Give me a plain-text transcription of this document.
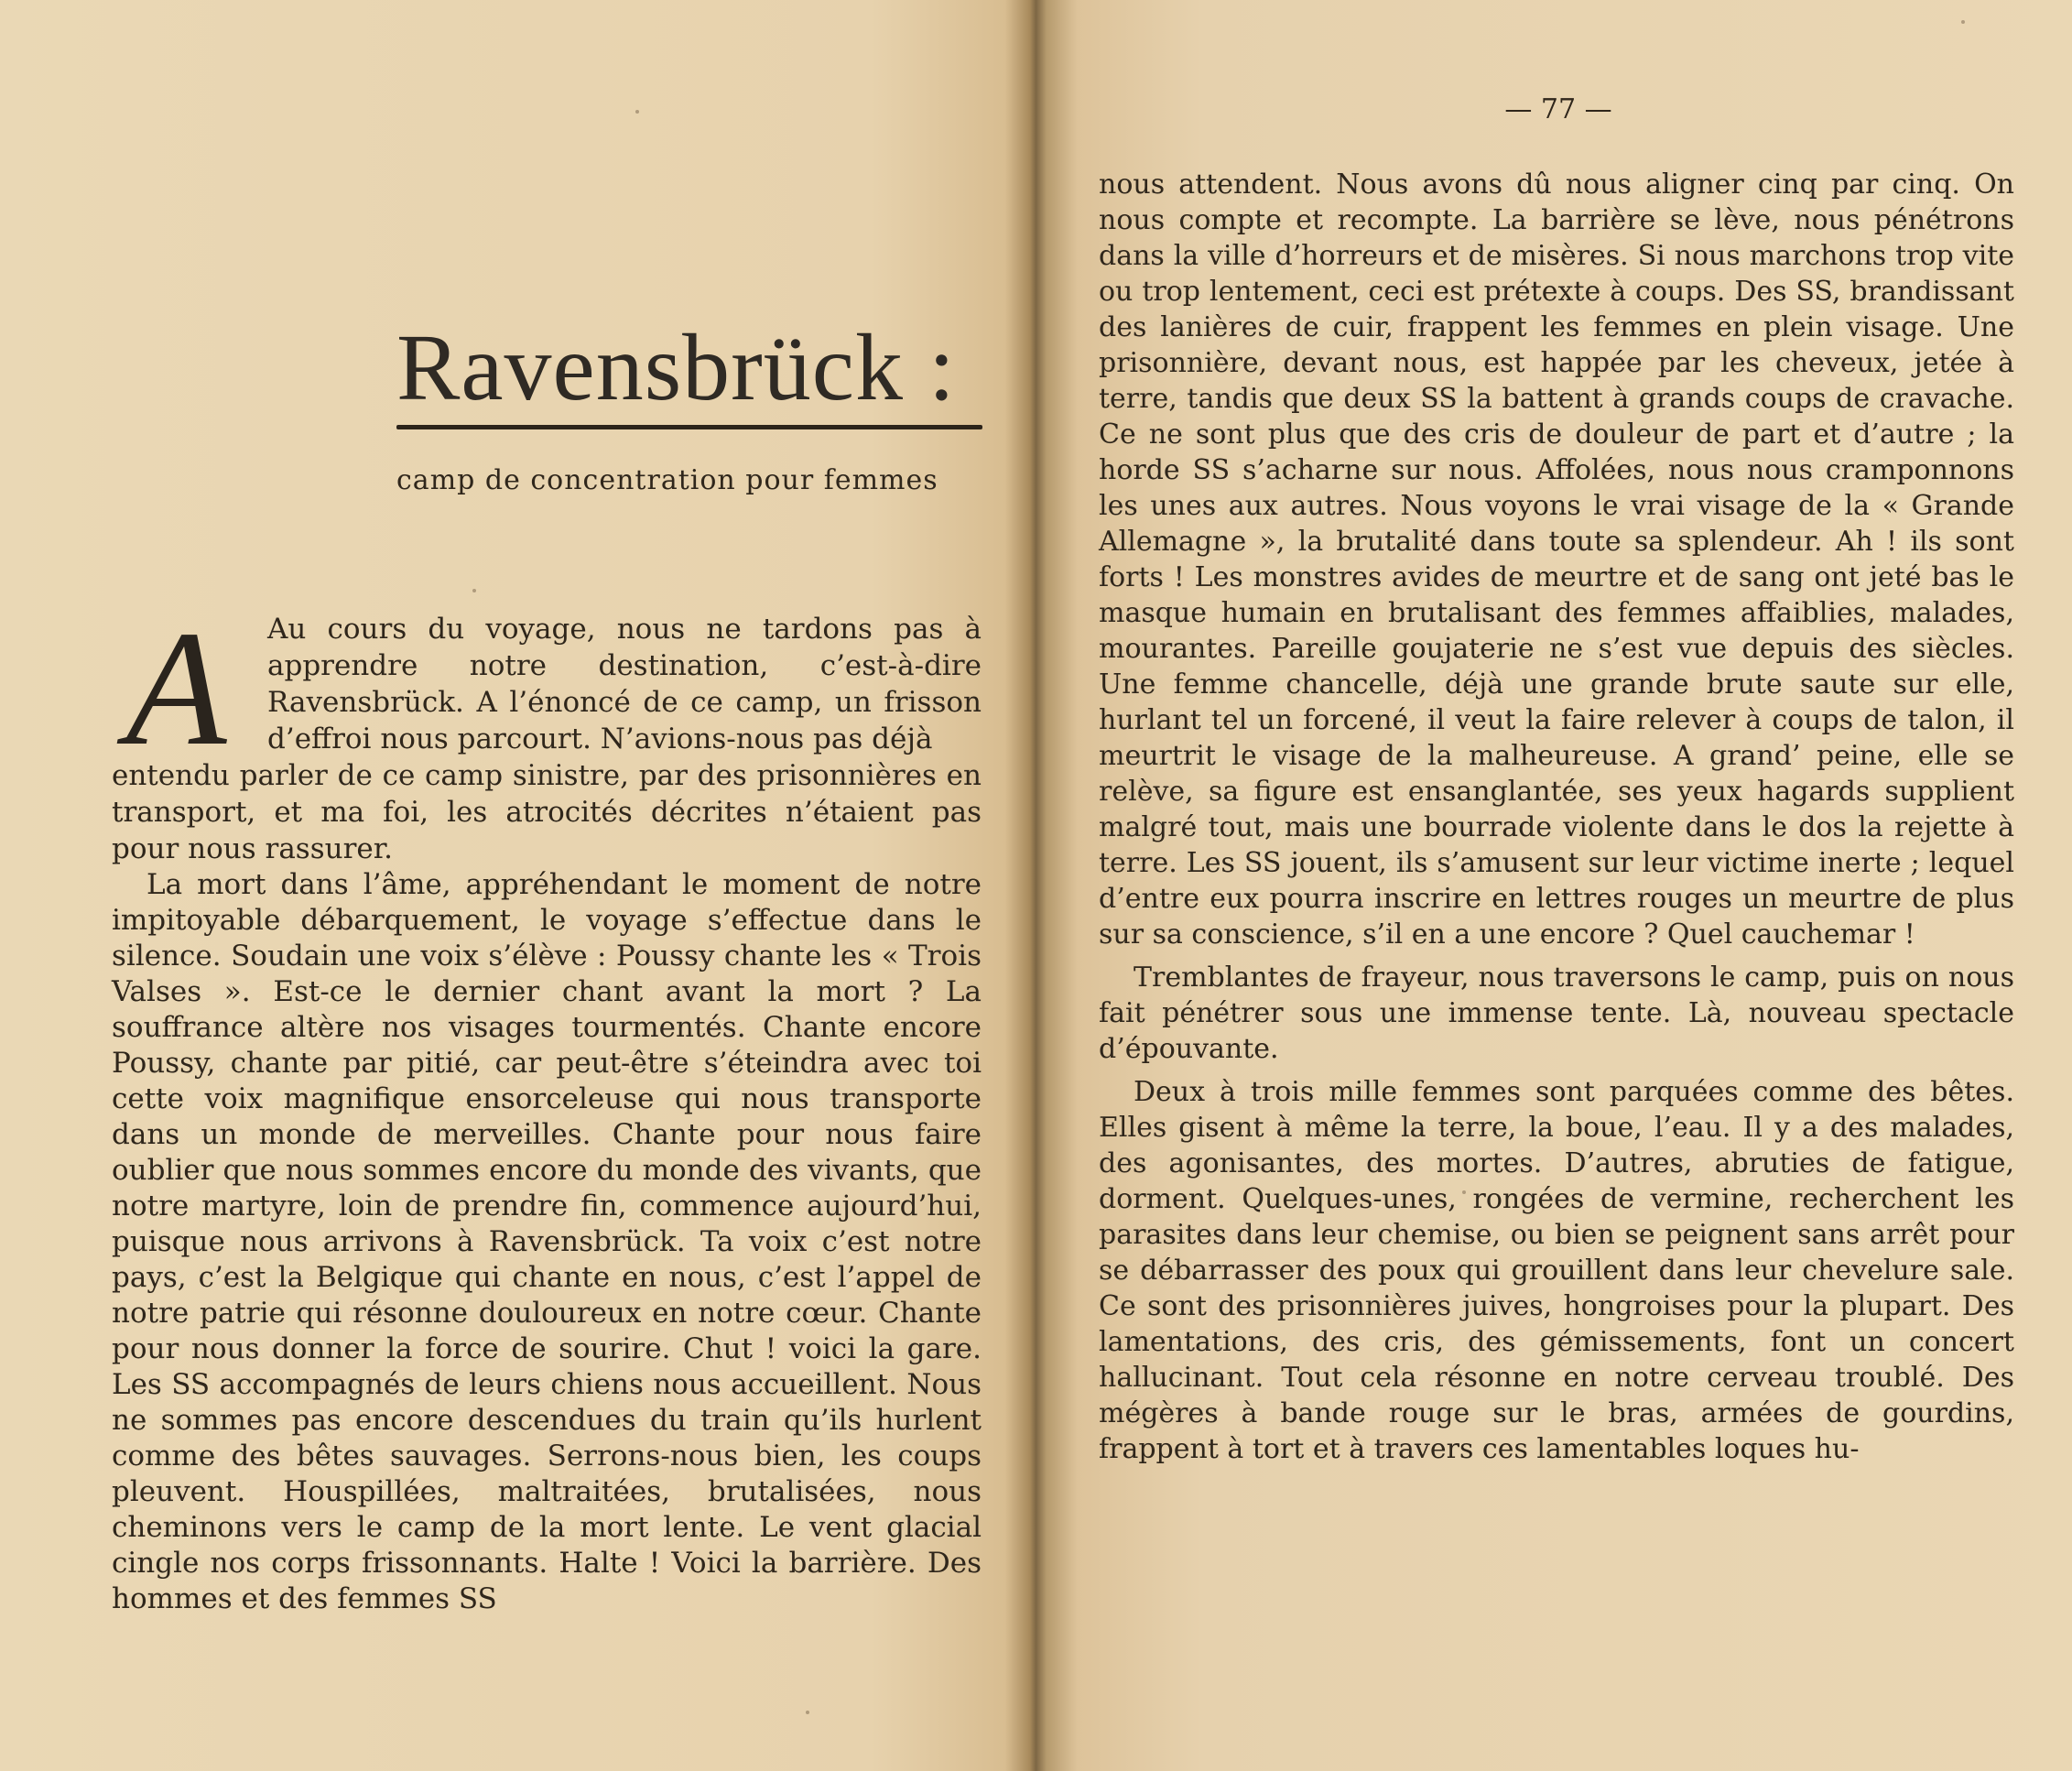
Ravensbrück :
camp de concentration pour femmes
A	Au cours du voyage, nous ne tardons pas à apprendre notre destination, c’est-à-dire Ravensbrück. A l’énoncé de ce camp, un frisson d’effroi nous parcourt. N’avions-nous pas déjà
entendu parler de ce camp sinistre, par des prisonnières en transport, et ma foi, les atrocités décrites n’étaient pas pour nous rassurer.

La mort dans l’âme, appréhendant le moment de notre impitoyable débarquement, le voyage s’effectue dans le silence. Soudain une voix s’élève : Poussy chante les « Trois Valses ». Est-ce le dernier chant avant la mort ? La souffrance altère nos visages tourmentés. Chante encore Poussy, chante par pitié, car peut-être s’éteindra avec toi cette voix magnifique ensorceleuse qui nous transporte dans un monde de merveilles. Chante pour nous faire oublier que nous sommes encore du monde des vivants, que notre martyre, loin de prendre fin, commence aujourd’hui, puisque nous arrivons à Ravensbrück. Ta voix c’est notre pays, c’est la Belgique qui chante en nous, c’est l’appel de notre patrie qui résonne douloureux en notre cœur. Chante pour nous donner la force de sourire. Chut ! voici la gare. Les SS accompagnés de leurs chiens nous accueillent. Nous ne sommes pas encore descendues du train qu’ils hurlent comme des bêtes sauvages. Serrons-nous bien, les coups pleuvent. Houspillées, maltraitées, brutalisées, nous cheminons vers le camp de la mort lente. Le vent glacial cingle nos corps frissonnants. Halte ! Voici la barrière. Des hommes et des femmes SS

— 77 —

nous attendent. Nous avons dû nous aligner cinq par cinq. On nous compte et recompte. La barrière se lève, nous pénétrons dans la ville d’horreurs et de misères. Si nous marchons trop vite ou trop lentement, ceci est prétexte à coups. Des SS, brandissant des lanières de cuir, frappent les femmes en plein visage. Une prisonnière, devant nous, est happée par les cheveux, jetée à terre, tandis que deux SS la battent à grands coups de cravache. Ce ne sont plus que des cris de douleur de part et d’autre ; la horde SS s’acharne sur nous. Affolées, nous nous cramponnons les unes aux autres. Nous voyons le vrai visage de la « Grande Allemagne », la brutalité dans toute sa splendeur. Ah ! ils sont forts ! Les monstres avides de meurtre et de sang ont jeté bas le masque humain en brutalisant des femmes affaiblies, malades, mourantes. Pareille goujaterie ne s’est vue depuis des siècles. Une femme chancelle, déjà une grande brute saute sur elle, hurlant tel un forcené, il veut la faire relever à coups de talon, il meurtrit le visage de la malheureuse. A grand’ peine, elle se relève, sa figure est ensanglantée, ses yeux hagards supplient malgré tout, mais une bourrade violente dans le dos la rejette à terre. Les SS jouent, ils s’amusent sur leur victime inerte ; lequel d’entre eux pourra inscrire en lettres rouges un meurtre de plus sur sa conscience, s’il en a une encore ? Quel cauchemar !

Tremblantes de frayeur, nous traversons le camp, puis on nous fait pénétrer sous une immense tente. Là, nouveau spectacle d’épouvante.

Deux à trois mille femmes sont parquées comme des bêtes. Elles gisent à même la terre, la boue, l’eau. Il y a des malades, des agonisantes, des mortes. D’autres, abruties de fatigue, dorment. Quelques-unes, rongées de vermine, recherchent les parasites dans leur chemise, ou bien se peignent sans arrêt pour se débarrasser des poux qui grouillent dans leur chevelure sale. Ce sont des prisonnières juives, hongroises pour la plupart. Des lamentations, des cris, des gémissements, font un concert hallucinant. Tout cela résonne en notre cerveau troublé. Des mégères à bande rouge sur le bras, armées de gourdins, frappent à tort et à travers ces lamentables loques hu-
